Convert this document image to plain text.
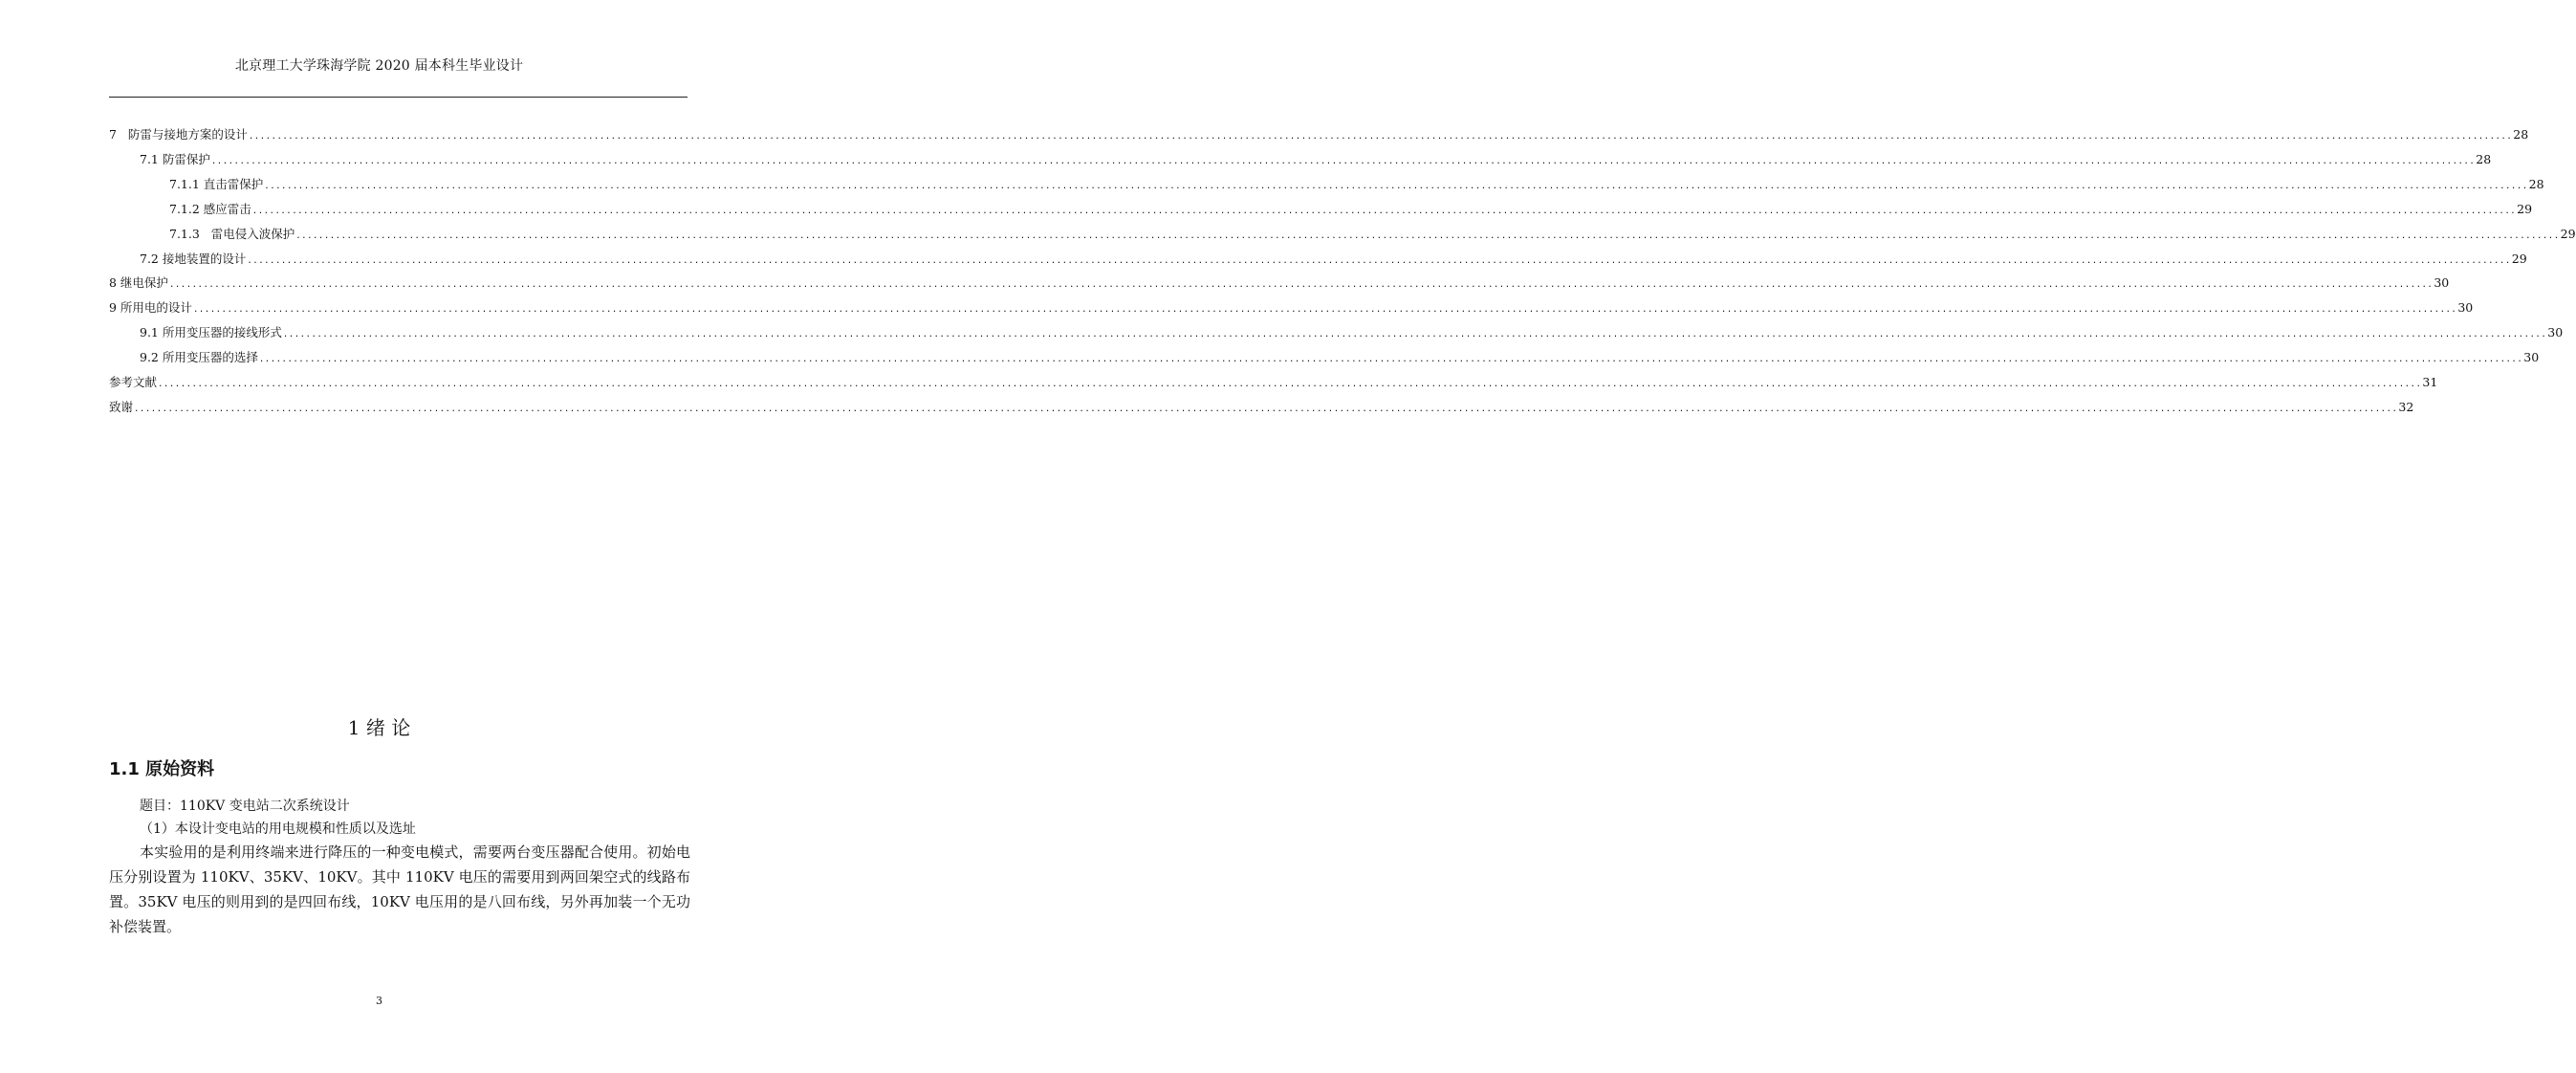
北京理工大学珠海学院 2020 届本科生毕业设计
7   防雷与接地方案的设计 ................................................................................................................................................................................................................................................................................................................................................................................................................ 28
7.1 防雷保护 ................................................................................................................................................................................................................................................................................................................................................................................................................ 28
7.1.1 直击雷保护 ................................................................................................................................................................................................................................................................................................................................................................................................................ 28
7.1.2 感应雷击 ................................................................................................................................................................................................................................................................................................................................................................................................................ 29
7.1.3   雷电侵入波保护 ................................................................................................................................................................................................................................................................................................................................................................................................................ 29
7.2 接地装置的设计 ................................................................................................................................................................................................................................................................................................................................................................................................................ 29
8 继电保护 ................................................................................................................................................................................................................................................................................................................................................................................................................ 30
9 所用电的设计 ................................................................................................................................................................................................................................................................................................................................................................................................................ 30
9.1 所用变压器的接线形式 ................................................................................................................................................................................................................................................................................................................................................................................................................ 30
9.2 所用变压器的选择 ................................................................................................................................................................................................................................................................................................................................................................................................................ 30
参考文献 ................................................................................................................................................................................................................................................................................................................................................................................................................ 31
致谢 ................................................................................................................................................................................................................................................................................................................................................................................................................ 32
1 绪 论
1.1 原始资料
题目：110KV 变电站二次系统设计
（1）本设计变电站的用电规模和性质以及选址
本实验用的是利用终端来进行降压的一种变电模式，需要两台变压器配合使用。初始电压分别设置为 110KV、35KV、10KV。其中 110KV 电压的需要用到两回架空式的线路布置。35KV 电压的则用到的是四回布线，10KV 电压用的是八回布线，另外再加装一个无功补偿装置。
3
